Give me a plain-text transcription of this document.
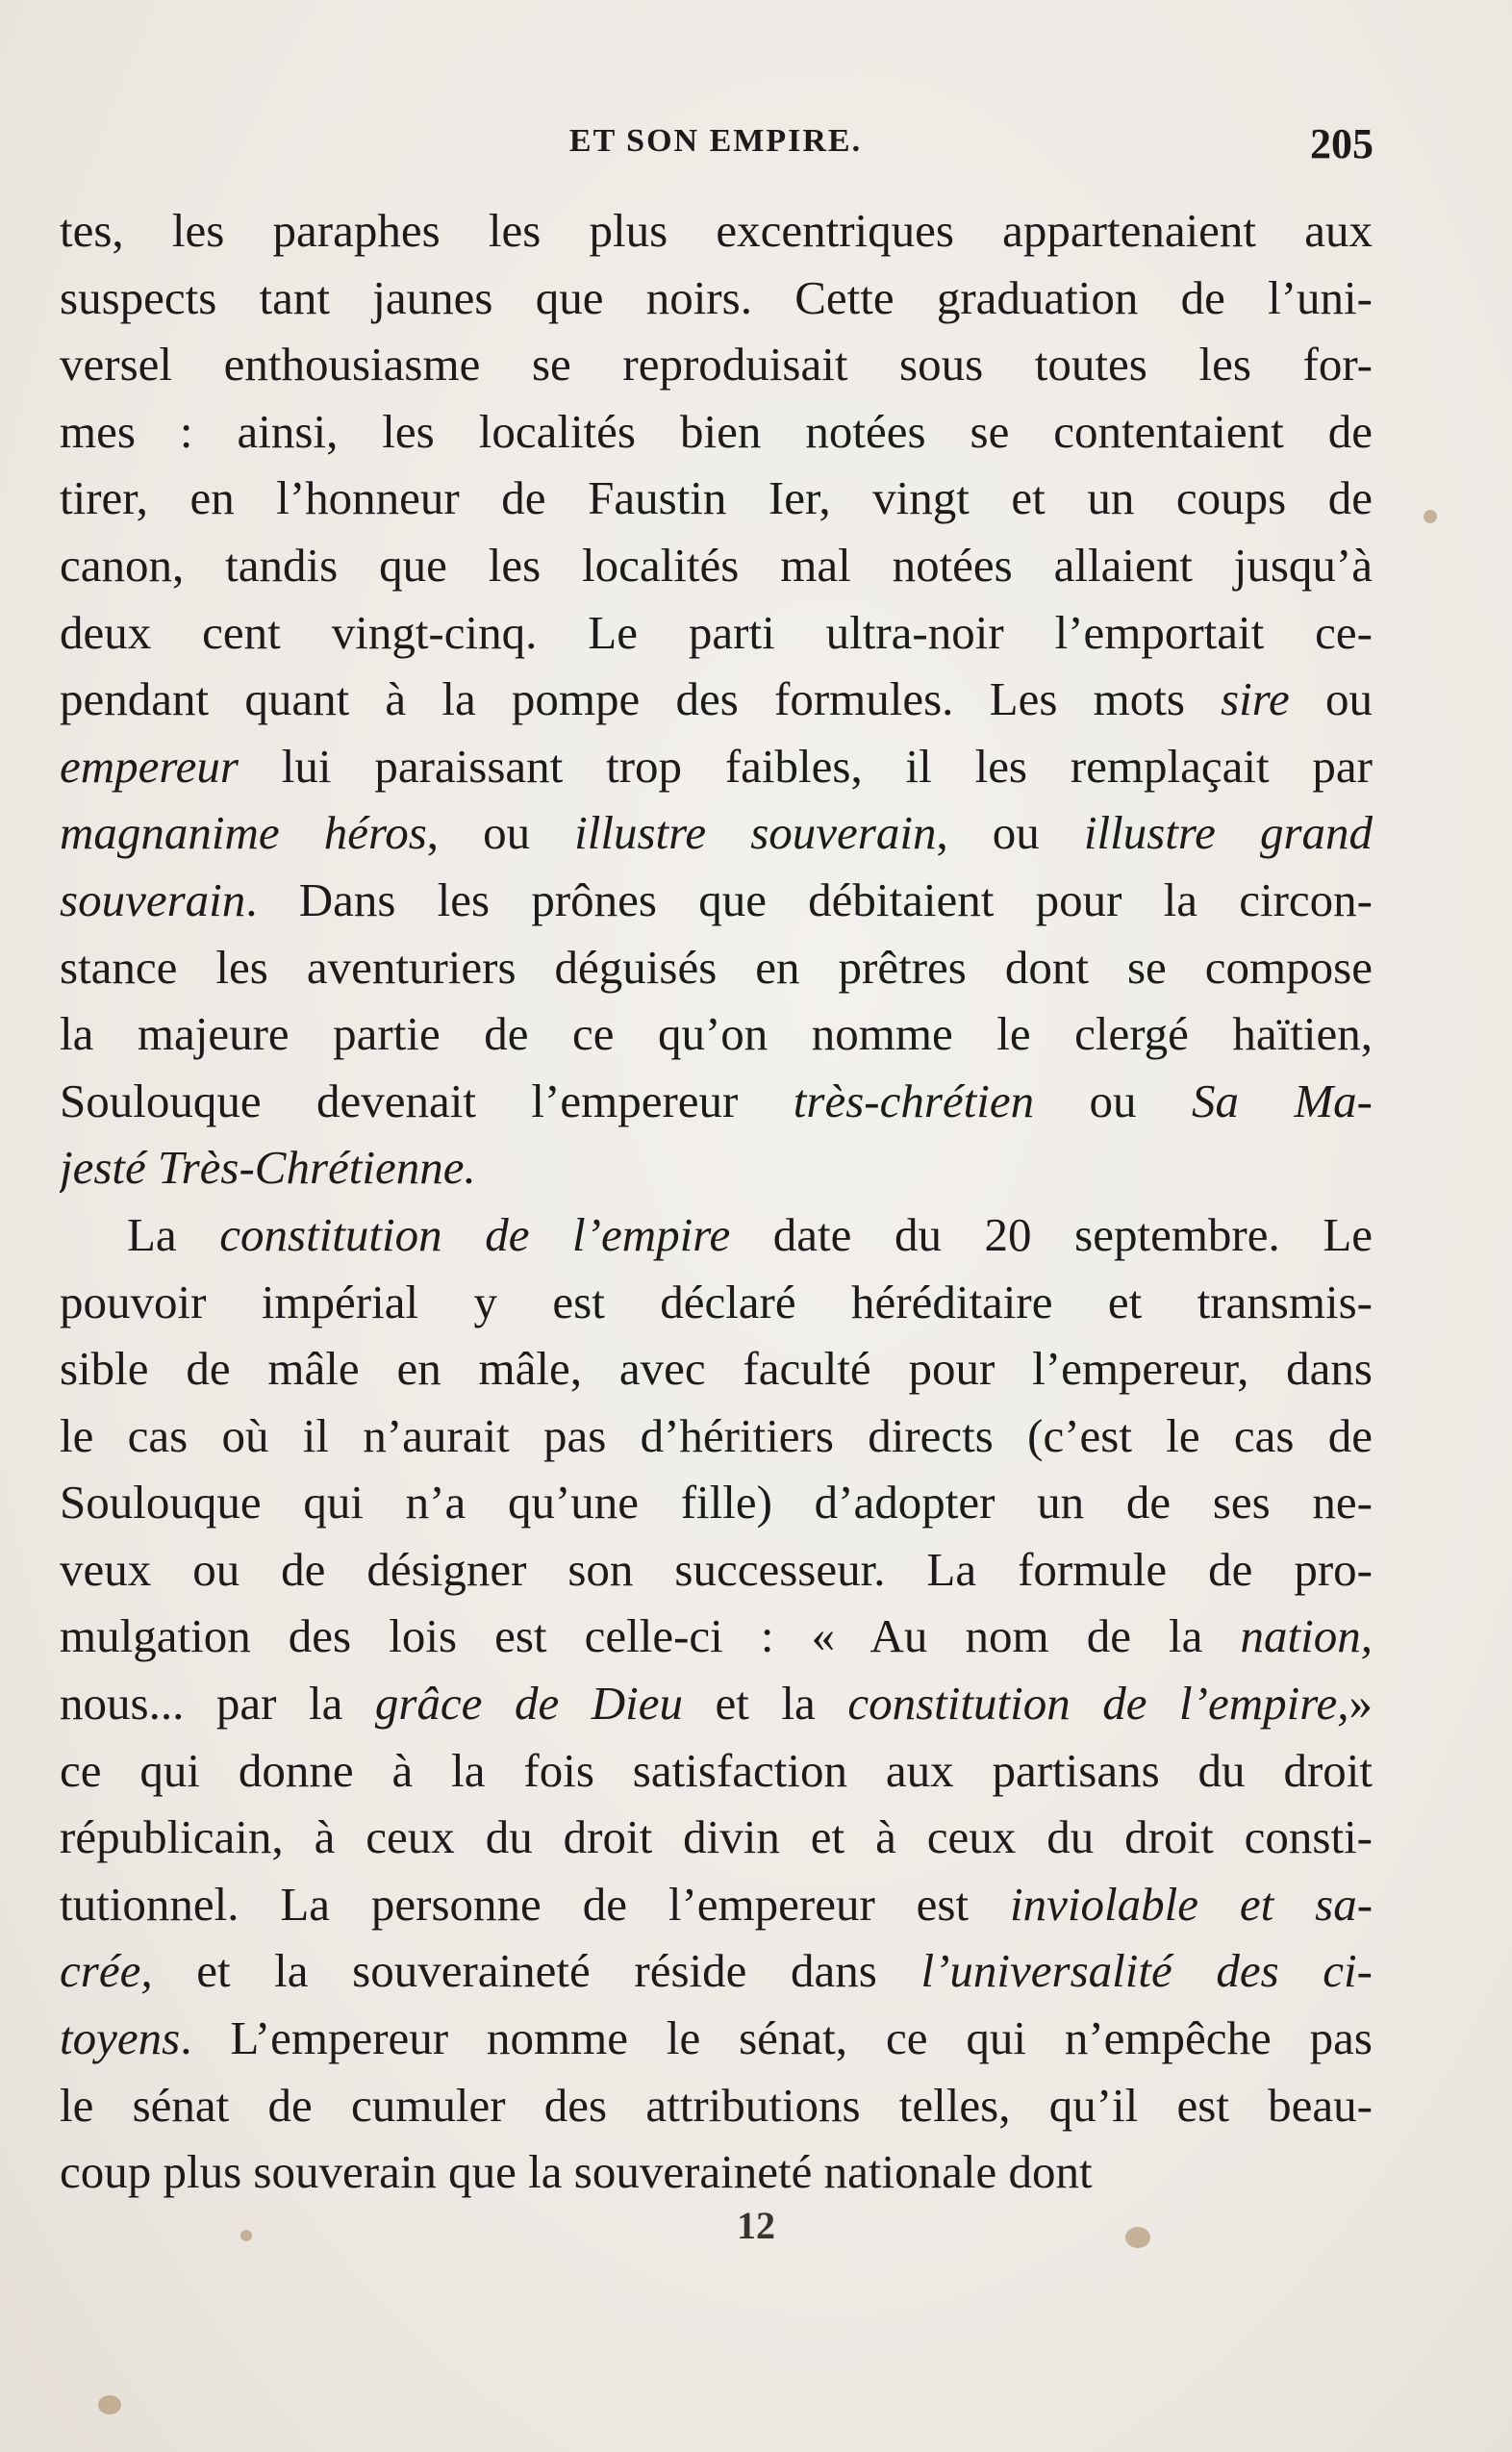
ET SON EMPIRE.	205
tes, les paraphes les plus excentriques appartenaient aux
suspects tant jaunes que noirs. Cette graduation de l’uni-
versel enthousiasme se reproduisait sous toutes les for-
mes : ainsi, les localités bien notées se contentaient de
tirer, en l’honneur de Faustin Ier, vingt et un coups de
canon, tandis que les localités mal notées allaient jusqu’à
deux cent vingt-cinq. Le parti ultra-noir l’emportait ce-
pendant quant à la pompe des formules. Les mots sire ou
empereur lui paraissant trop faibles, il les remplaçait par
magnanime héros, ou illustre souverain, ou illustre grand
souverain. Dans les prônes que débitaient pour la circon-
stance les aventuriers déguisés en prêtres dont se compose
la majeure partie de ce qu’on nomme le clergé haïtien,
Soulouque devenait l’empereur très-chrétien ou Sa Ma-
jesté Très-Chrétienne.
La constitution de l’empire date du 20 septembre. Le
pouvoir impérial y est déclaré héréditaire et transmis-
sible de mâle en mâle, avec faculté pour l’empereur, dans
le cas où il n’aurait pas d’héritiers directs (c’est le cas de
Soulouque qui n’a qu’une fille) d’adopter un de ses ne-
veux ou de désigner son successeur. La formule de pro-
mulgation des lois est celle-ci : « Au nom de la nation,
nous... par la grâce de Dieu et la constitution de l’empire,»
ce qui donne à la fois satisfaction aux partisans du droit
républicain, à ceux du droit divin et à ceux du droit consti-
tutionnel. La personne de l’empereur est inviolable et sa-
crée, et la souveraineté réside dans l’universalité des ci-
toyens. L’empereur nomme le sénat, ce qui n’empêche pas
le sénat de cumuler des attributions telles, qu’il est beau-
coup plus souverain que la souveraineté nationale dont
12
